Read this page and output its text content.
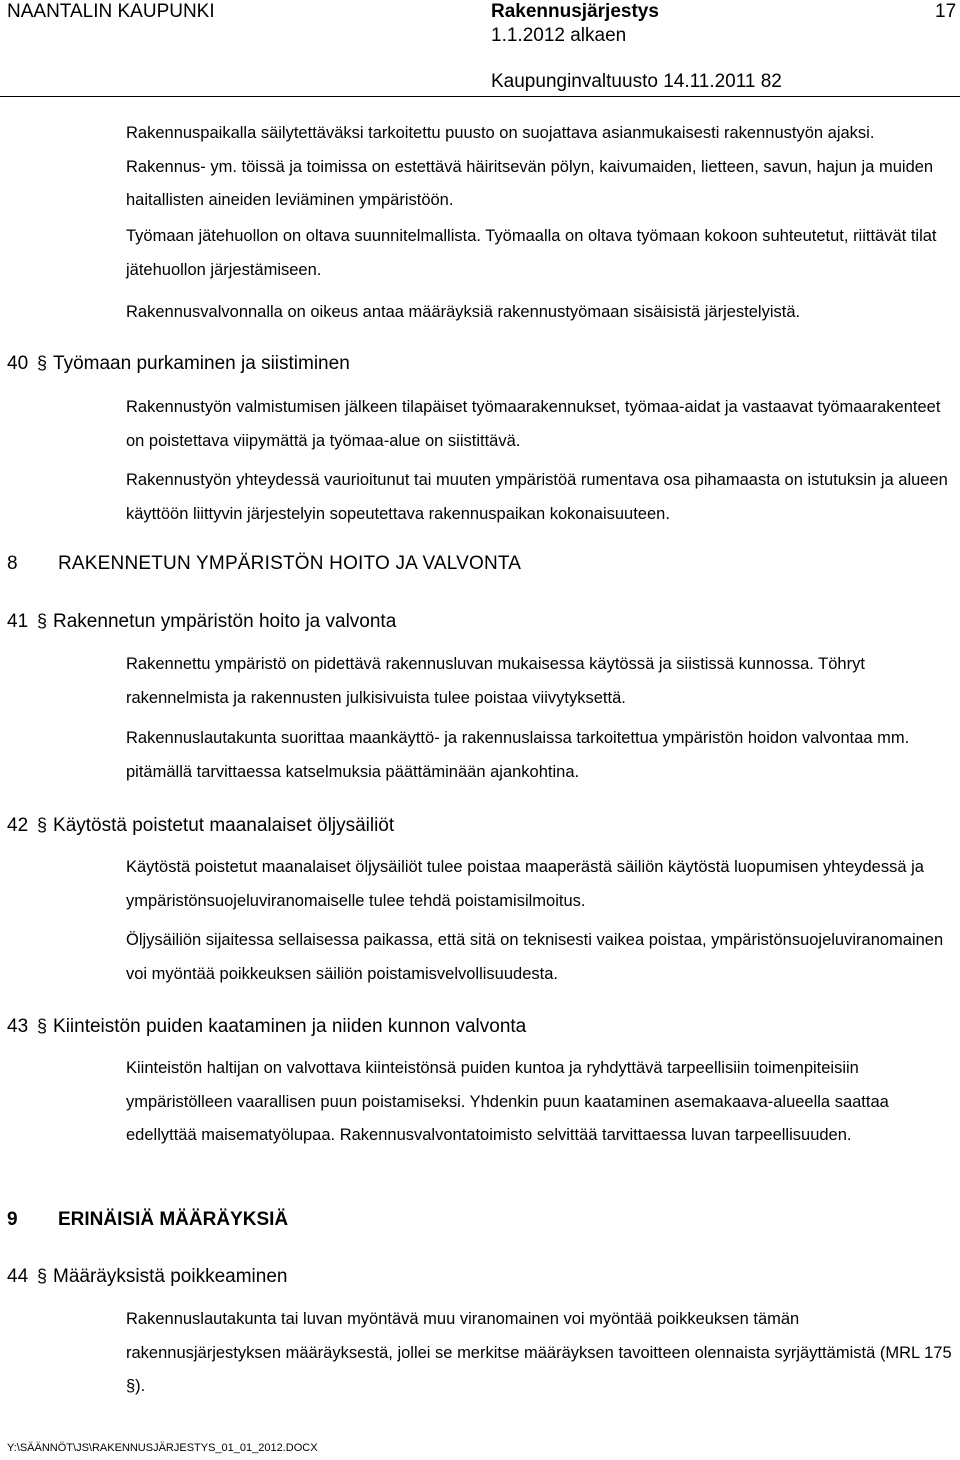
NAANTALIN KAUPUNKI	Rakennusjärjestys
1.1.2012 alkaen
17
Kaupunginvaltuusto 14.11.2011 82
Rakennuspaikalla säilytettäväksi tarkoitettu puusto on suojattava asianmukaisesti rakennustyön ajaksi. Rakennus- ym. töissä ja toimissa on estettävä häiritsevän pölyn, kaivumaiden, lietteen, savun, hajun ja muiden haitallisten aineiden leviäminen ympäristöön.
Työmaan jätehuollon on oltava suunnitelmallista. Työmaalla on oltava työmaan kokoon suhteutetut, riittävät tilat jätehuollon järjestämiseen.
Rakennusvalvonnalla on oikeus antaa määräyksiä rakennustyömaan sisäisistä järjestelyistä.
40 § Työmaan purkaminen ja siistiminen
Rakennustyön valmistumisen jälkeen tilapäiset työmaarakennukset, työmaa-aidat ja vastaavat työmaarakenteet on poistettava viipymättä ja työmaa-alue on siistittävä.
Rakennustyön yhteydessä vaurioitunut tai muuten ympäristöä rumentava osa pihamaasta on istutuksin ja alueen käyttöön liittyvin järjestelyin sopeutettava rakennuspaikan kokonaisuuteen.
8 RAKENNETUN YMPÄRISTÖN HOITO JA VALVONTA
41 § Rakennetun ympäristön hoito ja valvonta
Rakennettu ympäristö on pidettävä rakennusluvan mukaisessa käytössä ja siistissä kunnossa. Töhryt rakennelmista ja rakennusten julkisivuista tulee poistaa viivytyksettä.
Rakennuslautakunta suorittaa maankäyttö- ja rakennuslaissa tarkoitettua ympäristön hoidon valvontaa mm. pitämällä tarvittaessa katselmuksia päättäminään ajankohtina.
42 § Käytöstä poistetut maanalaiset öljysäiliöt
Käytöstä poistetut maanalaiset öljysäiliöt tulee poistaa maaperästä säiliön käytöstä luopumisen yhteydessä ja ympäristönsuojeluviranomaiselle tulee tehdä poistamisilmoitus.
Öljysäiliön sijaitessa sellaisessa paikassa, että sitä on teknisesti vaikea poistaa, ympäristönsuojeluviranomainen voi myöntää poikkeuksen säiliön poistamisvelvollisuudesta.
43 § Kiinteistön puiden kaataminen ja niiden kunnon valvonta
Kiinteistön haltijan on valvottava kiinteistönsä puiden kuntoa ja ryhdyttävä tarpeellisiin toimenpiteisiin ympäristölleen vaarallisen puun poistamiseksi. Yhdenkin puun kaataminen asemakaava-alueella saattaa edellyttää maisematyölupaa. Rakennusvalvontatoimisto selvittää tarvittaessa luvan tarpeellisuuden.
9 ERINÄISIÄ MÄÄRÄYKSIÄ
44 § Määräyksistä poikkeaminen
Rakennuslautakunta tai luvan myöntävä muu viranomainen voi myöntää poikkeuksen tämän rakennusjärjestyksen määräyksestä, jollei se merkitse määräyksen tavoitteen olennaista syrjäyttämistä (MRL 175 §).
Y:\SÄÄNNÖT\JS\RAKENNUSJÄRJESTYS_01_01_2012.DOCX
